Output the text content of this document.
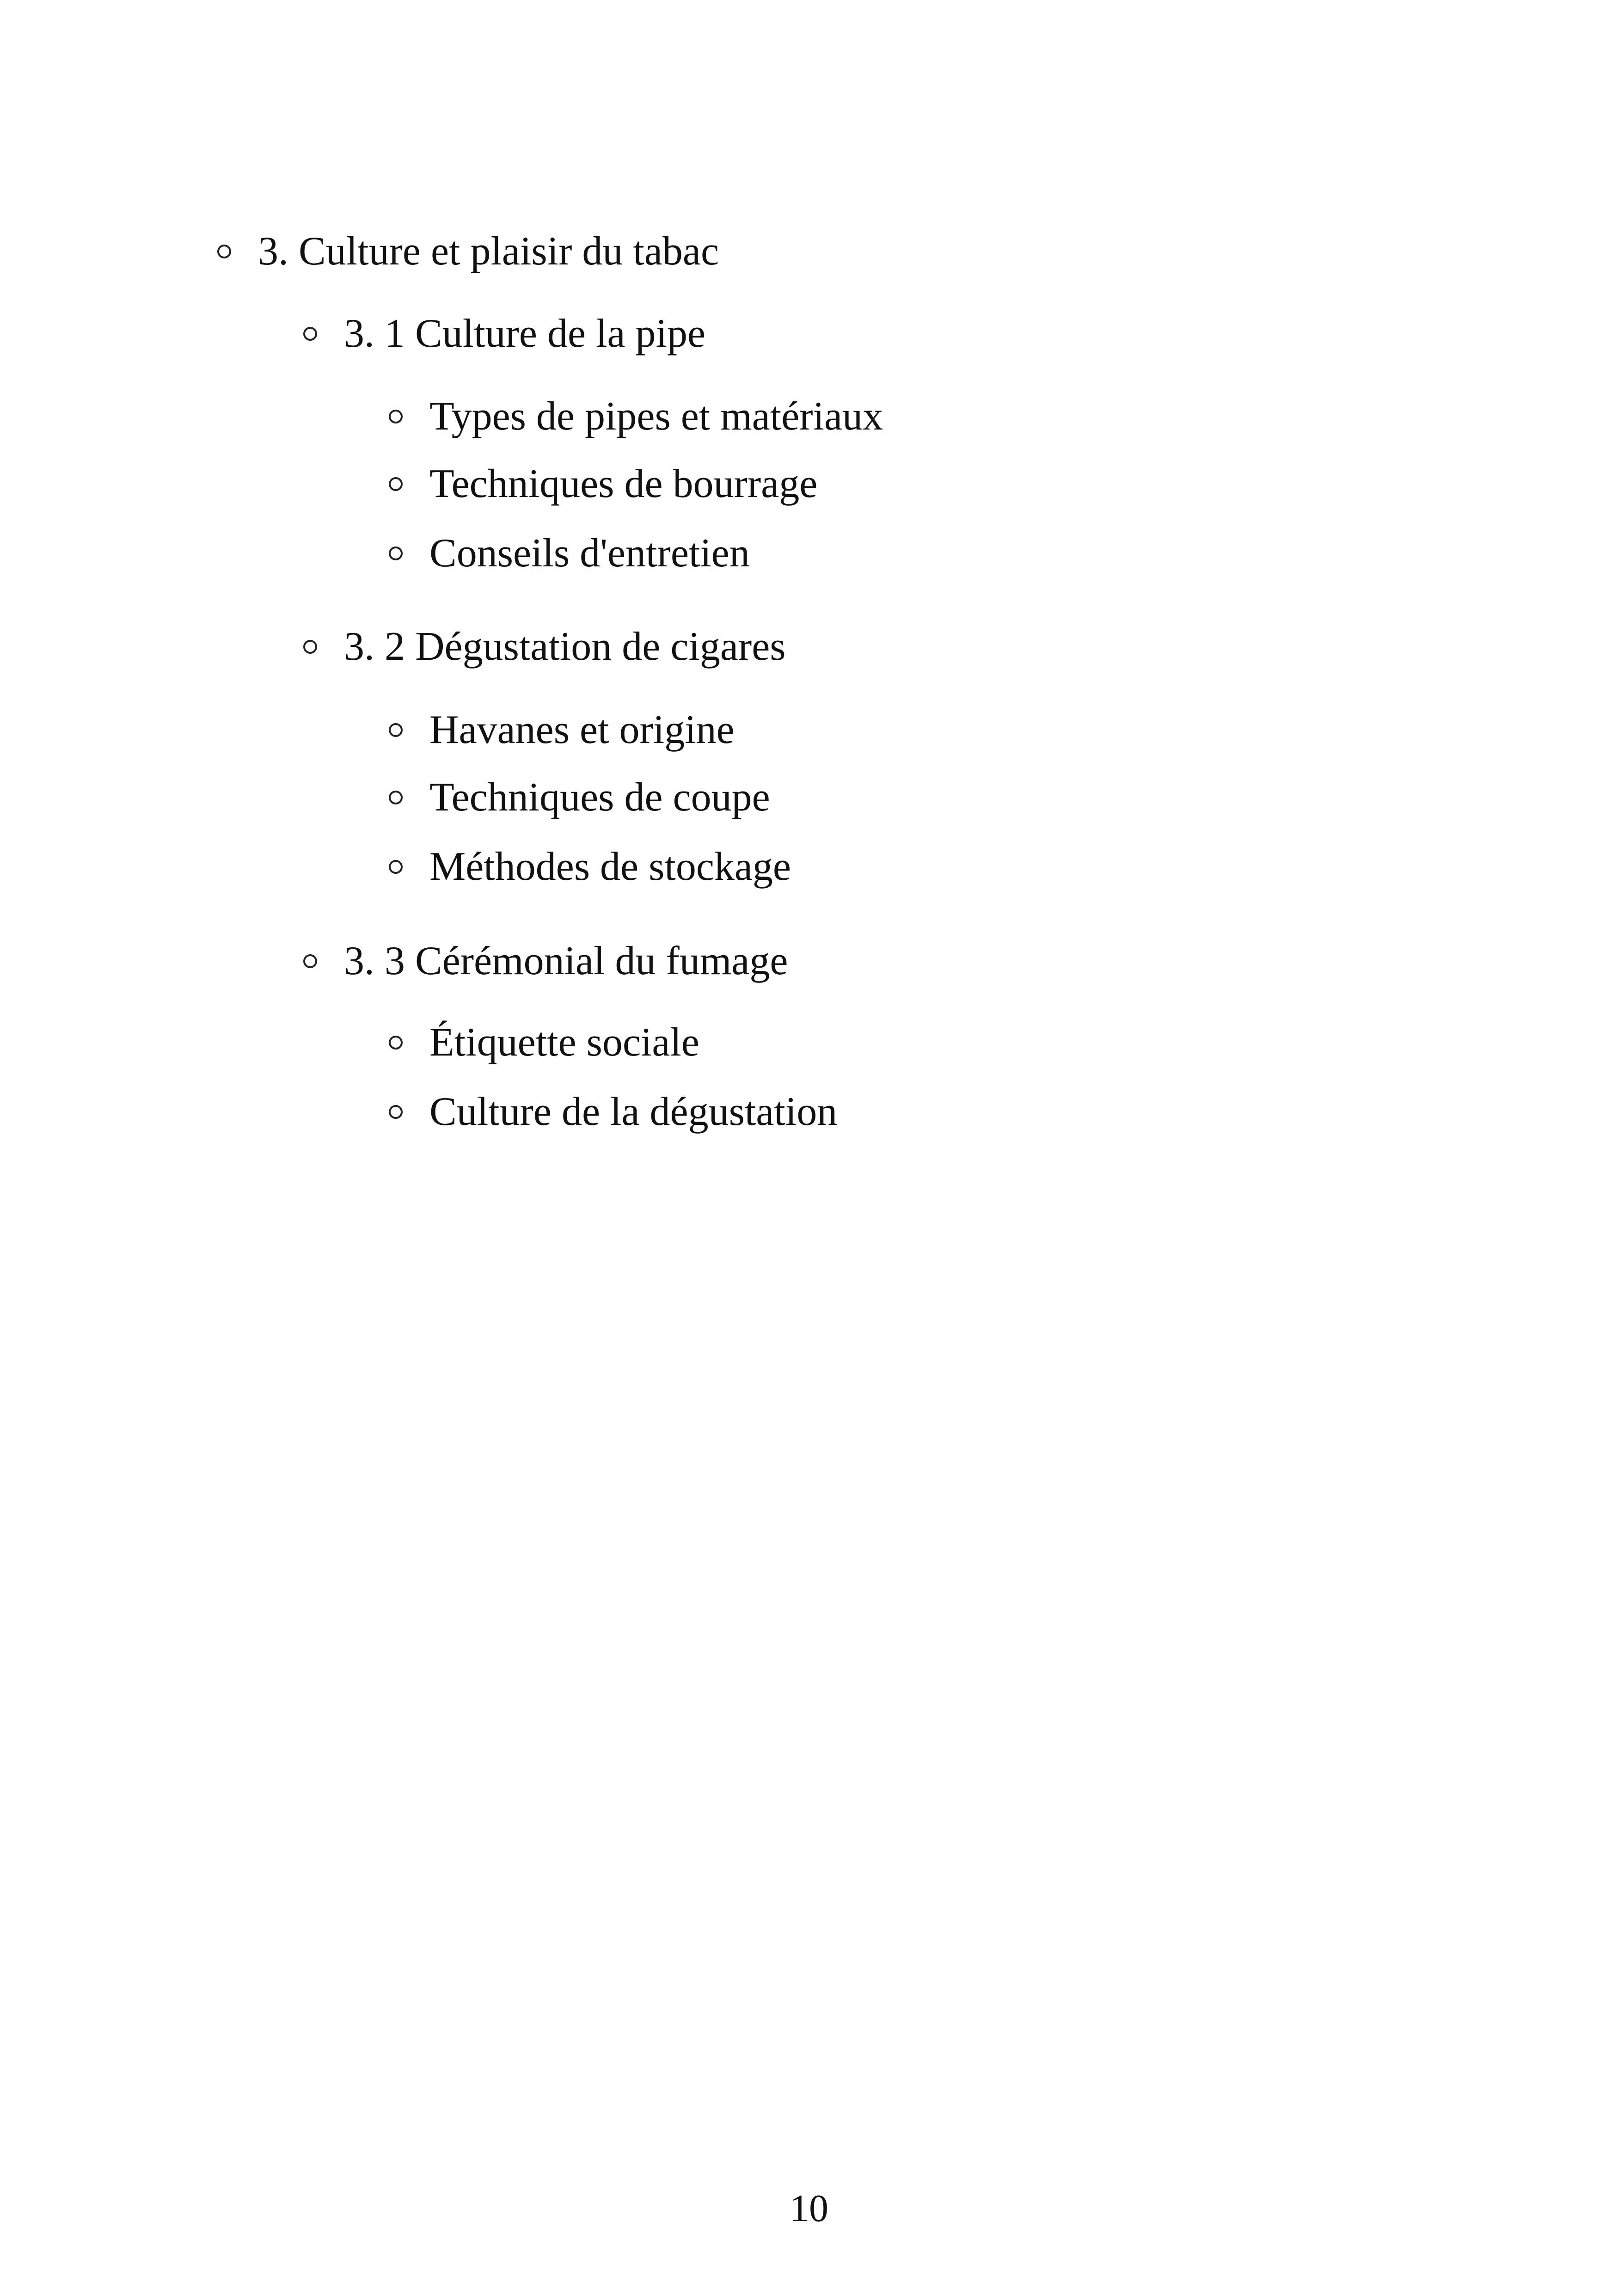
3. Culture et plaisir du tabac
3. 1 Culture de la pipe
Types de pipes et matériaux
Techniques de bourrage
Conseils d'entretien
3. 2 Dégustation de cigares
Havanes et origine
Techniques de coupe
Méthodes de stockage
3. 3 Cérémonial du fumage
Étiquette sociale
Culture de la dégustation
10
